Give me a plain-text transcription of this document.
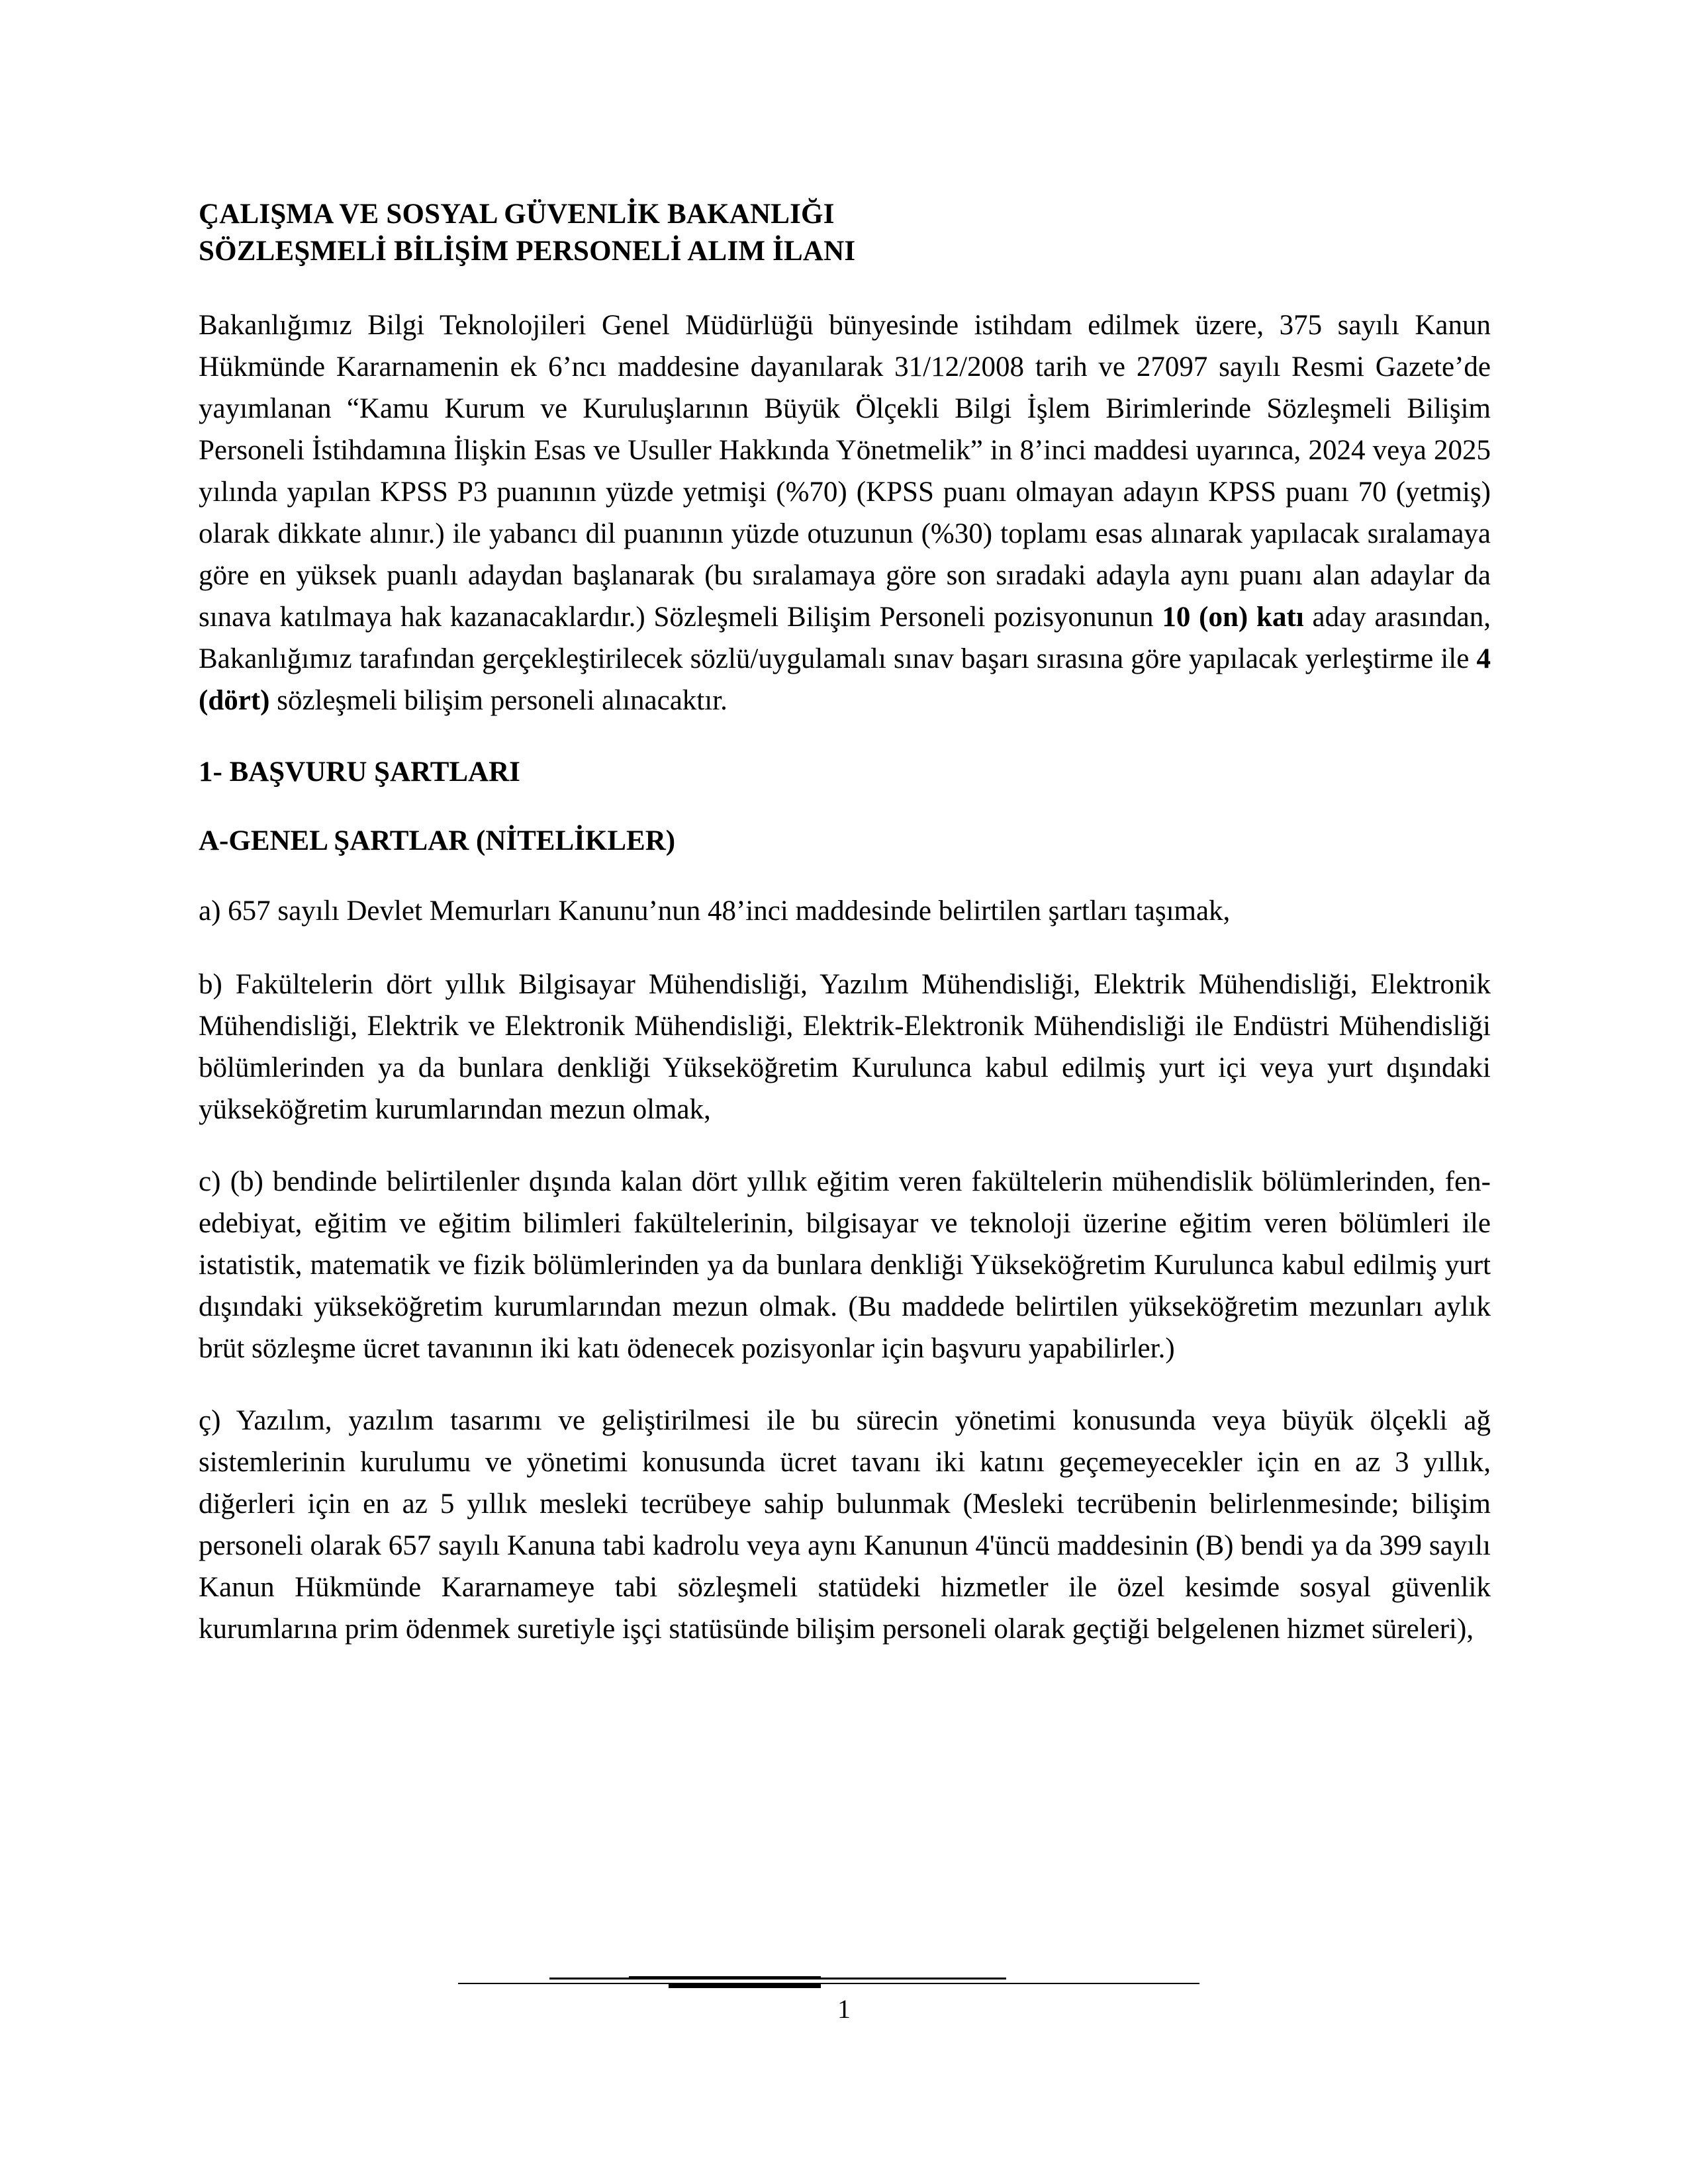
ÇALIŞMA VE SOSYAL GÜVENLİK BAKANLIĞI
SÖZLEŞMELİ BİLİŞİM PERSONELİ ALIM İLANI

Bakanlığımız Bilgi Teknolojileri Genel Müdürlüğü bünyesinde istihdam edilmek üzere, 375 sayılı Kanun Hükmünde Kararnamenin ek 6’ncı maddesine dayanılarak 31/12/2008 tarih ve 27097 sayılı Resmi Gazete’de yayımlanan “Kamu Kurum ve Kuruluşlarının Büyük Ölçekli Bilgi İşlem Birimlerinde Sözleşmeli Bilişim Personeli İstihdamına İlişkin Esas ve Usuller Hakkında Yönetmelik” in 8’inci maddesi uyarınca, 2024 veya 2025 yılında yapılan KPSS P3 puanının yüzde yetmişi (%70) (KPSS puanı olmayan adayın KPSS puanı 70 (yetmiş) olarak dikkate alınır.) ile yabancı dil puanının yüzde otuzunun (%30) toplamı esas alınarak yapılacak sıralamaya göre en yüksek puanlı adaydan başlanarak (bu sıralamaya göre son sıradaki adayla aynı puanı alan adaylar da sınava katılmaya hak kazanacaklardır.) Sözleşmeli Bilişim Personeli pozisyonunun 10 (on) katı aday arasından, Bakanlığımız tarafından gerçekleştirilecek sözlü/uygulamalı sınav başarı sırasına göre yapılacak yerleştirme ile 4 (dört) sözleşmeli bilişim personeli alınacaktır.

1- BAŞVURU ŞARTLARI
A-GENEL ŞARTLAR (NİTELİKLER)

a) 657 sayılı Devlet Memurları Kanunu’nun 48’inci maddesinde belirtilen şartları taşımak,

b) Fakültelerin dört yıllık Bilgisayar Mühendisliği, Yazılım Mühendisliği, Elektrik Mühendisliği, Elektronik Mühendisliği, Elektrik ve Elektronik Mühendisliği, Elektrik-Elektronik Mühendisliği ile Endüstri Mühendisliği bölümlerinden ya da bunlara denkliği Yükseköğretim Kurulunca kabul edilmiş yurt içi veya yurt dışındaki yükseköğretim kurumlarından mezun olmak,

c) (b) bendinde belirtilenler dışında kalan dört yıllık eğitim veren fakültelerin mühendislik bölümlerinden, fen-edebiyat, eğitim ve eğitim bilimleri fakültelerinin, bilgisayar ve teknoloji üzerine eğitim veren bölümleri ile istatistik, matematik ve fizik bölümlerinden ya da bunlara denkliği Yükseköğretim Kurulunca kabul edilmiş yurt dışındaki yükseköğretim kurumlarından mezun olmak. (Bu maddede belirtilen yükseköğretim mezunları aylık brüt sözleşme ücret tavanının iki katı ödenecek pozisyonlar için başvuru yapabilirler.)

ç) Yazılım, yazılım tasarımı ve geliştirilmesi ile bu sürecin yönetimi konusunda veya büyük ölçekli ağ sistemlerinin kurulumu ve yönetimi konusunda ücret tavanı iki katını geçemeyecekler için en az 3 yıllık, diğerleri için en az 5 yıllık mesleki tecrübeye sahip bulunmak (Mesleki tecrübenin belirlenmesinde; bilişim personeli olarak 657 sayılı Kanuna tabi kadrolu veya aynı Kanunun 4'üncü maddesinin (B) bendi ya da 399 sayılı Kanun Hükmünde Kararnameye tabi sözleşmeli statüdeki hizmetler ile özel kesimde sosyal güvenlik kurumlarına prim ödenmek suretiyle işçi statüsünde bilişim personeli olarak geçtiği belgelenen hizmet süreleri),

1
